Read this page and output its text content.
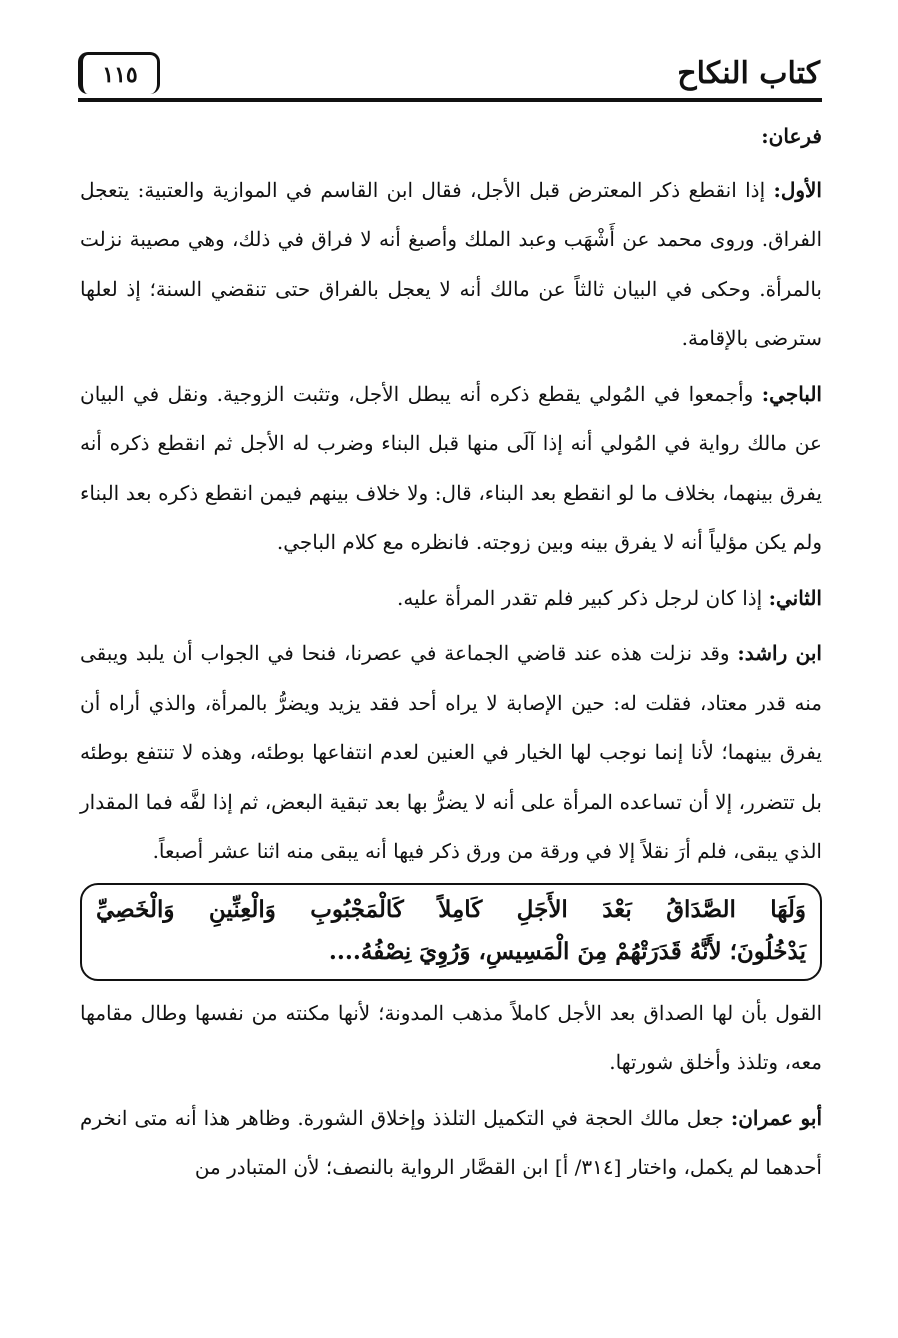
١١٥	كتاب النكاح

فرعان:

الأول: إذا انقطع ذكر المعترض قبل الأجل، فقال ابن القاسم في الموازية والعتبية: يتعجل الفراق. وروى محمد عن أَشْهَب وعبد الملك وأصبغ أنه لا فراق في ذلك، وهي مصيبة نزلت بالمرأة. وحكى في البيان ثالثاً عن مالك أنه لا يعجل بالفراق حتى تنقضي السنة؛ إذ لعلها سترضى بالإقامة.

الباجي: وأجمعوا في المُولي يقطع ذكره أنه يبطل الأجل، وتثبت الزوجية. ونقل في البيان عن مالك رواية في المُولي أنه إذا آلَى منها قبل البناء وضرب له الأجل ثم انقطع ذكره أنه يفرق بينهما، بخلاف ما لو انقطع بعد البناء، قال: ولا خلاف بينهم فيمن انقطع ذكره بعد البناء ولم يكن مؤلياً أنه لا يفرق بينه وبين زوجته. فانظره مع كلام الباجي.

الثاني: إذا كان لرجل ذكر كبير فلم تقدر المرأة عليه.

ابن راشد: وقد نزلت هذه عند قاضي الجماعة في عصرنا، فنحا في الجواب أن يلبد ويبقى منه قدر معتاد، فقلت له: حين الإصابة لا يراه أحد فقد يزيد ويضرُّ بالمرأة، والذي أراه أن يفرق بينهما؛ لأنا إنما نوجب لها الخيار في العنين لعدم انتفاعها بوطئه، وهذه لا تنتفع بوطئه بل تتضرر، إلا أن تساعده المرأة على أنه لا يضرُّ بها بعد تبقية البعض، ثم إذا لفَّه فما المقدار الذي يبقى، فلم أرَ نقلاً إلا في ورقة من ورق ذكر فيها أنه يبقى منه اثنا عشر أصبعاً.

وَلَهَا الصَّدَاقُ بَعْدَ الأَجَلِ كَامِلاً كَالْمَجْبُوبِ وَالْعِنِّينِ وَالْخَصِيِّ

يَدْخُلُونَ؛ لأَنَّهُ قَدَرَتْهُمْ مِنَ الْمَسِيسِ، وَرُوِيَ نِصْفُهُ....

القول بأن لها الصداق بعد الأجل كاملاً مذهب المدونة؛ لأنها مكنته من نفسها وطال مقامها معه، وتلذذ وأخلق شورتها.

أبو عمران: جعل مالك الحجة في التكميل التلذذ وإخلاق الشورة. وظاهر هذا أنه متى انخرم أحدهما لم يكمل، واختار [٣١٤/ أ] ابن القصَّار الرواية بالنصف؛ لأن المتبادر من
